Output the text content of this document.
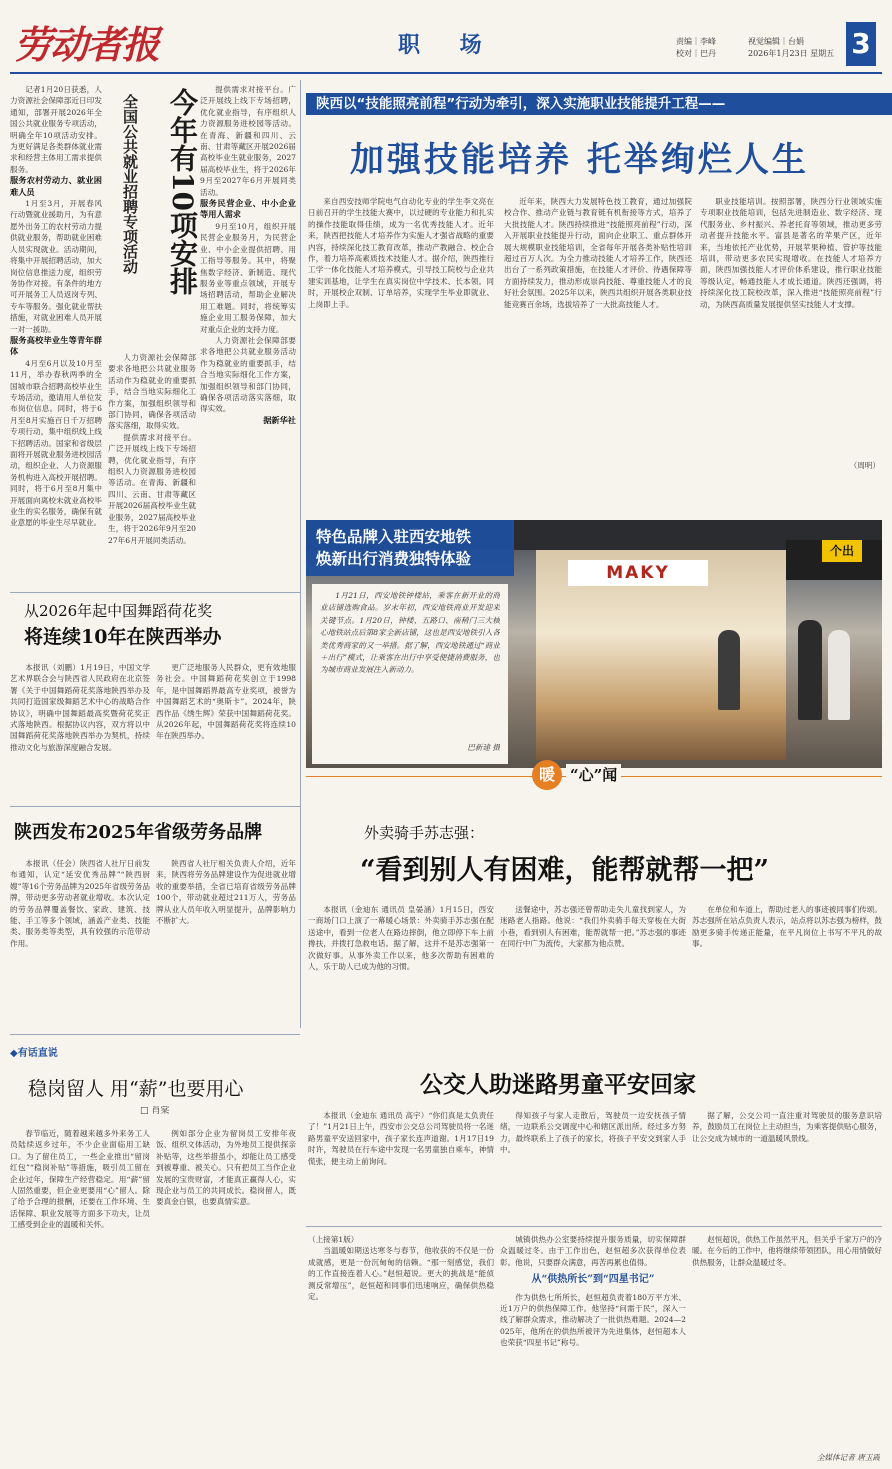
劳动者报	职 场	责编｜李峰
校对｜巴丹
视觉编辑｜台娟
2026年1月23日 星期五 3

记者1月20日获悉，人力资源社会保障部近日印发通知，部署开展2026年全国公共就业服务专项活动，明确全年10项活动安排。为更好满足各类群体就业需求和经营主体用工需求提供服务。

服务农村劳动力、就业困难人员

1月至3月，开展春风行动暨就业援助月，为有意愿外出务工的农村劳动力提供就业服务，帮助就业困难人员实现就业。活动期间，将集中开展招聘活动，加大岗位信息推送力度，组织劳务协作对接。有条件的地方可开展务工人员返岗专列、专车等服务。强化就业帮扶措施，对就业困难人员开展一对一援助。

服务高校毕业生等青年群体

4月至6月以及10月至11月，举办春秋两季的全国城市联合招聘高校毕业生专场活动，邀请用人单位发布岗位信息。同时，将于6月至8月实施百日千万招聘专项行动，集中组织线上线下招聘活动。国家和省级层面将开展就业服务进校园活动，组织企业、人力资源服务机构进入高校开展招聘。同时，将于6月至8月集中开展面向离校未就业高校毕业生的实名服务，确保有就业意愿的毕业生尽早就业。

今年有10项安排
全国公共就业招聘专项活动

人力资源社会保障部要求各地把公共就业服务活动作为稳就业的重要抓手，结合当地实际细化工作方案，加强组织领导和部门协同，确保各项活动落实落细，取得实效。

提供需求对接平台。广泛开展线上线下专场招聘，优化就业指导，有序组织人力资源服务进校园等活动。在青海、新疆和四川、云南、甘肃等藏区开展2026届高校毕业生就业服务，2027届高校毕业生，将于2026年9月至2027年6月开展同类活动。

提供需求对接平台。广泛开展线上线下专场招聘，优化就业指导，有序组织人力资源服务进校园等活动。在青海、新疆和四川、云南、甘肃等藏区开展2026届高校毕业生就业服务，2027届高校毕业生，将于2026年9月至2027年6月开展同类活动。

服务民营企业、中小企业等用人需求

9月至10月，组织开展民营企业服务月，为民营企业、中小企业提供招聘、用工指导等服务。其中，将聚焦数字经济、新制造、现代服务业等重点领域，开展专场招聘活动，帮助企业解决用工难题。同时，将统筹实施企业用工服务保障，加大对重点企业的支持力度。

人力资源社会保障部要求各地把公共就业服务活动作为稳就业的重要抓手，结合当地实际细化工作方案，加强组织领导和部门协同，确保各项活动落实落细，取得实效。

据新华社

陕西以“技能照亮前程”行动为牵引，深入实施职业技能提升工程——
加强技能培养 托举绚烂人生

来自西安技师学院电气自动化专业的学生李文亮在日前召开的学生技能大赛中，以过硬的专业能力和扎实的操作技能取得佳绩，成为一名优秀技能人才。近年来，陕西把技能人才培养作为实施人才强省战略的重要内容，持续深化技工教育改革，推动产教融合、校企合作，着力培养高素质技术技能人才。据介绍，陕西推行工学一体化技能人才培养模式，引导技工院校与企业共建实训基地，让学生在真实岗位中学技术、长本领。同时，开展校企双制、订单培养，实现学生毕业即就业、上岗即上手。

近年来，陕西大力发展特色技工教育，通过加强院校合作、推动产业链与教育链有机衔接等方式，培养了大批技能人才。陕西持续推进“技能照亮前程”行动，深入开展职业技能提升行动，面向企业职工、重点群体开展大规模职业技能培训，全省每年开展各类补贴性培训超过百万人次。为全力推动技能人才培养工作，陕西还出台了一系列政策措施，在技能人才评价、待遇保障等方面持续发力，推动形成崇尚技能、尊重技能人才的良好社会氛围。2025年以来，陕西共组织开展各类职业技能竞赛百余场，选拔培养了一大批高技能人才。

职业技能培训。按照部署，陕西分行业领域实施专项职业技能培训，包括先进制造业、数字经济、现代服务业、乡村振兴、养老托育等领域，推动更多劳动者提升技能水平。富县是著名的苹果产区，近年来，当地依托产业优势，开展苹果种植、管护等技能培训，带动更多农民实现增收。在技能人才培养方面，陕西加强技能人才评价体系建设，推行职业技能等级认定，畅通技能人才成长通道。陕西还强调，将持续深化技工院校改革，深入推进“技能照亮前程”行动，为陕西高质量发展提供坚实技能人才支撑。

（周明）
MAKY
个出
特色品牌入驻西安地铁
焕新出行消费独特体验

1月21日，西安地铁钟楼站，乘客在新开业的商业店铺选购食品。岁末年初，西安地铁商业开发迎来关键节点。1月20日，钟楼、五路口、南稍门三大核心地铁站点后第8家全新店铺，这也是西安地铁引入各类优秀商家的又一举措。据了解，西安地铁通过“商业＋出行”模式，让乘客在出行中享受便捷消费服务，也为城市商业发展注入新动力。

巴新建 摄
从2026年起中国舞蹈荷花奖
将连续10年在陕西举办

本报讯（刘鹏）1月19日，中国文学艺术界联合会与陕西省人民政府在北京签署《关于中国舞蹈荷花奖落地陕西举办及共同打造国家级舞蹈艺术中心的战略合作协议》，明确中国舞蹈最高奖暨荷花奖正式落地陕西。根据协议内容，双方将以中国舞蹈荷花奖落地陕西举办为契机，持续推动文化与旅游深度融合发展。

更广泛地服务人民群众，更有效地服务社会。中国舞蹈荷花奖创立于1998年，是中国舞蹈界最高专业奖项，被誉为中国舞蹈艺术的“奥斯卡”。2024年，陕西作品《绣生辉》荣获中国舞蹈荷花奖。从2026年起，中国舞蹈荷花奖将连续10年在陕西举办。

陕西发布2025年省级劳务品牌

本报讯（任会）陕西省人社厅日前发布通知，认定“延安优秀品牌”“陕西厨嫂”等16个劳务品牌为2025年省级劳务品牌，带动更多劳动者就业增收。本次认定的劳务品牌覆盖餐饮、家政、建筑、技能、手工等多个领域，涵盖产业类、技能类、服务类等类型，具有较强的示范带动作用。

陕西省人社厅相关负责人介绍，近年来，陕西将劳务品牌建设作为促进就业增收的重要举措，全省已培育省级劳务品牌100个，带动就业超过211万人，劳务品牌从业人员年收入明显提升，品牌影响力不断扩大。

◆有话直说
稳岗留人 用“薪”也要用心
□ 肖棠

春节临近，随着越来越多外来务工人员陆续返乡过年，不少企业面临用工缺口。为了留住员工，一些企业推出“留岗红包”“稳岗补贴”等措施，吸引员工留在企业过年，保障生产经营稳定。用“薪”留人固然重要，但企业更要用“心”留人。除了给予合理的报酬，还要在工作环境、生活保障、职业发展等方面多下功夫，让员工感受到企业的温暖和关怀。

例如部分企业为留岗员工安排年夜饭、组织文体活动，为外地员工提供探亲补贴等，这些举措虽小，却能让员工感受到被尊重、被关心。只有把员工当作企业发展的宝贵财富，才能真正赢得人心，实现企业与员工的共同成长。稳岗留人，既要真金白银，也要真情实意。

暖	“心”闻
外卖骑手苏志强：
“看到别人有困难，能帮就帮一把”

本报讯（金迪东 通讯员 皇晏涵）1月15日，西安一商场门口上演了一幕暖心场景：外卖骑手苏志强在配送途中，看到一位老人在路边摔倒，他立即停下车上前搀扶，并拨打急救电话。据了解，这并不是苏志强第一次做好事。从事外卖工作以来，他多次帮助有困难的人，乐于助人已成为他的习惯。

送餐途中，苏志强还曾帮助走失儿童找到家人，为迷路老人指路。他说：“我们外卖骑手每天穿梭在大街小巷，看到别人有困难，能帮就帮一把。”苏志强的事迹在同行中广为流传，大家都为他点赞。

在单位和车道上，帮助过老人的事迹被同事们传颂。苏志强所在站点负责人表示，站点将以苏志强为榜样，鼓励更多骑手传递正能量，在平凡岗位上书写不平凡的故事。

公交人助迷路男童平安回家

本报讯（金迪东 通讯员 高宇）“你们真是太负责任了！”1月21日上午，西安市公交总公司驾驶员将一名迷路男童平安送回家中，孩子家长连声道谢。1月17日19时许，驾驶员在行车途中发现一名男童独自乘车，神情慌张，便主动上前询问。

得知孩子与家人走散后，驾驶员一边安抚孩子情绪，一边联系公交调度中心和辖区派出所。经过多方努力，最终联系上了孩子的家长，将孩子平安交到家人手中。

据了解，公交公司一直注重对驾驶员的服务意识培养，鼓励员工在岗位上主动担当，为乘客提供贴心服务，让公交成为城市的一道温暖风景线。

（上接第1版）

当温暖如期送达寒冬与春节，他收获的不仅是一份成就感，更是一份沉甸甸的信赖。“那一刻感觉，我们的工作直接连着人心。”赵恒超说。更大的挑战是“能侦测反常增压”，赵恒超和同事们迅速响应，确保供热稳定。

城镇供热办公室要持续提升服务质量，切实保障群众温暖过冬。由于工作出色，赵恒超多次获得单位表彰。他说，只要群众满意，再苦再累也值得。

从“供热所长”到“四星书记”

作为供热七所所长，赵恒超负责着180万平方米、近1万户的供热保障工作。他坚持“问需于民”，深入一线了解群众需求，推动解决了一批供热难题。2024—2025年，他所在的供热所被评为先进集体，赵恒超本人也荣获“四星书记”称号。

赵恒超说，供热工作虽然平凡，但关乎千家万户的冷暖。在今后的工作中，他将继续带领团队，用心用情做好供热服务，让群众温暖过冬。

全媒体记者 唐玉霞
